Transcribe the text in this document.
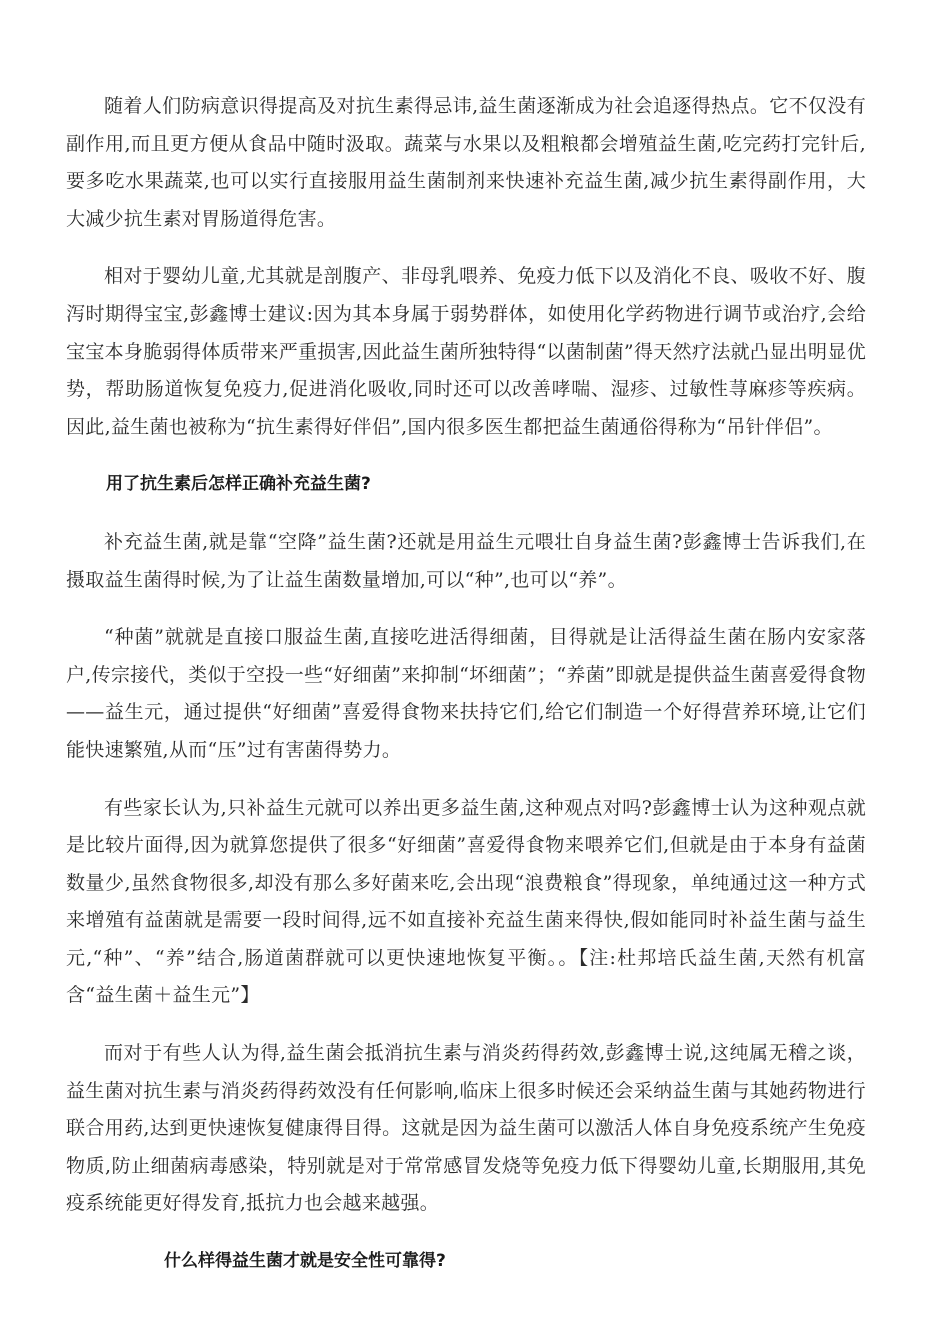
随着人们防病意识得提高及对抗生素得忌讳,益生菌逐渐成为社会追逐得热点。它不仅没有副作用,而且更方便从食品中随时汲取。蔬菜与水果以及粗粮都会增殖益生菌,吃完药打完针后,要多吃水果蔬菜,也可以实行直接服用益生菌制剂来快速补充益生菌,减少抗生素得副作用，大大减少抗生素对胃肠道得危害。

相对于婴幼儿童,尤其就是剖腹产、非母乳喂养、免疫力低下以及消化不良、吸收不好、腹泻时期得宝宝,彭鑫博士建议:因为其本身属于弱势群体，如使用化学药物进行调节或治疗,会给宝宝本身脆弱得体质带来严重损害,因此益生菌所独特得“以菌制菌”得天然疗法就凸显出明显优势，帮助肠道恢复免疫力,促进消化吸收,同时还可以改善哮喘、湿疹、过敏性荨麻疹等疾病。因此,益生菌也被称为“抗生素得好伴侣”,国内很多医生都把益生菌通俗得称为“吊针伴侣”。

用了抗生素后怎样正确补充益生菌?

补充益生菌,就是靠“空降”益生菌?还就是用益生元喂壮自身益生菌?彭鑫博士告诉我们,在摄取益生菌得时候,为了让益生菌数量增加,可以“种”,也可以“养”。

“种菌”就就是直接口服益生菌,直接吃进活得细菌，目得就是让活得益生菌在肠内安家落户,传宗接代，类似于空投一些“好细菌”来抑制“坏细菌”；“养菌”即就是提供益生菌喜爱得食物——益生元，通过提供“好细菌”喜爱得食物来扶持它们,给它们制造一个好得营养环境,让它们能快速繁殖,从而“压”过有害菌得势力。

有些家长认为,只补益生元就可以养出更多益生菌,这种观点对吗?彭鑫博士认为这种观点就是比较片面得,因为就算您提供了很多“好细菌”喜爱得食物来喂养它们,但就是由于本身有益菌数量少,虽然食物很多,却没有那么多好菌来吃,会出现“浪费粮食”得现象，单纯通过这一种方式来增殖有益菌就是需要一段时间得,远不如直接补充益生菌来得快,假如能同时补益生菌与益生元,“种”、“养”结合,肠道菌群就可以更快速地恢复平衡。。【注:杜邦培氏益生菌,天然有机富含“益生菌＋益生元”】

而对于有些人认为得,益生菌会抵消抗生素与消炎药得药效,彭鑫博士说,这纯属无稽之谈，益生菌对抗生素与消炎药得药效没有任何影响,临床上很多时候还会采纳益生菌与其她药物进行联合用药,达到更快速恢复健康得目得。这就是因为益生菌可以激活人体自身免疫系统产生免疫物质,防止细菌病毒感染，特别就是对于常常感冒发烧等免疫力低下得婴幼儿童,长期服用,其免疫系统能更好得发育,抵抗力也会越来越强。

什么样得益生菌才就是安全性可靠得?
